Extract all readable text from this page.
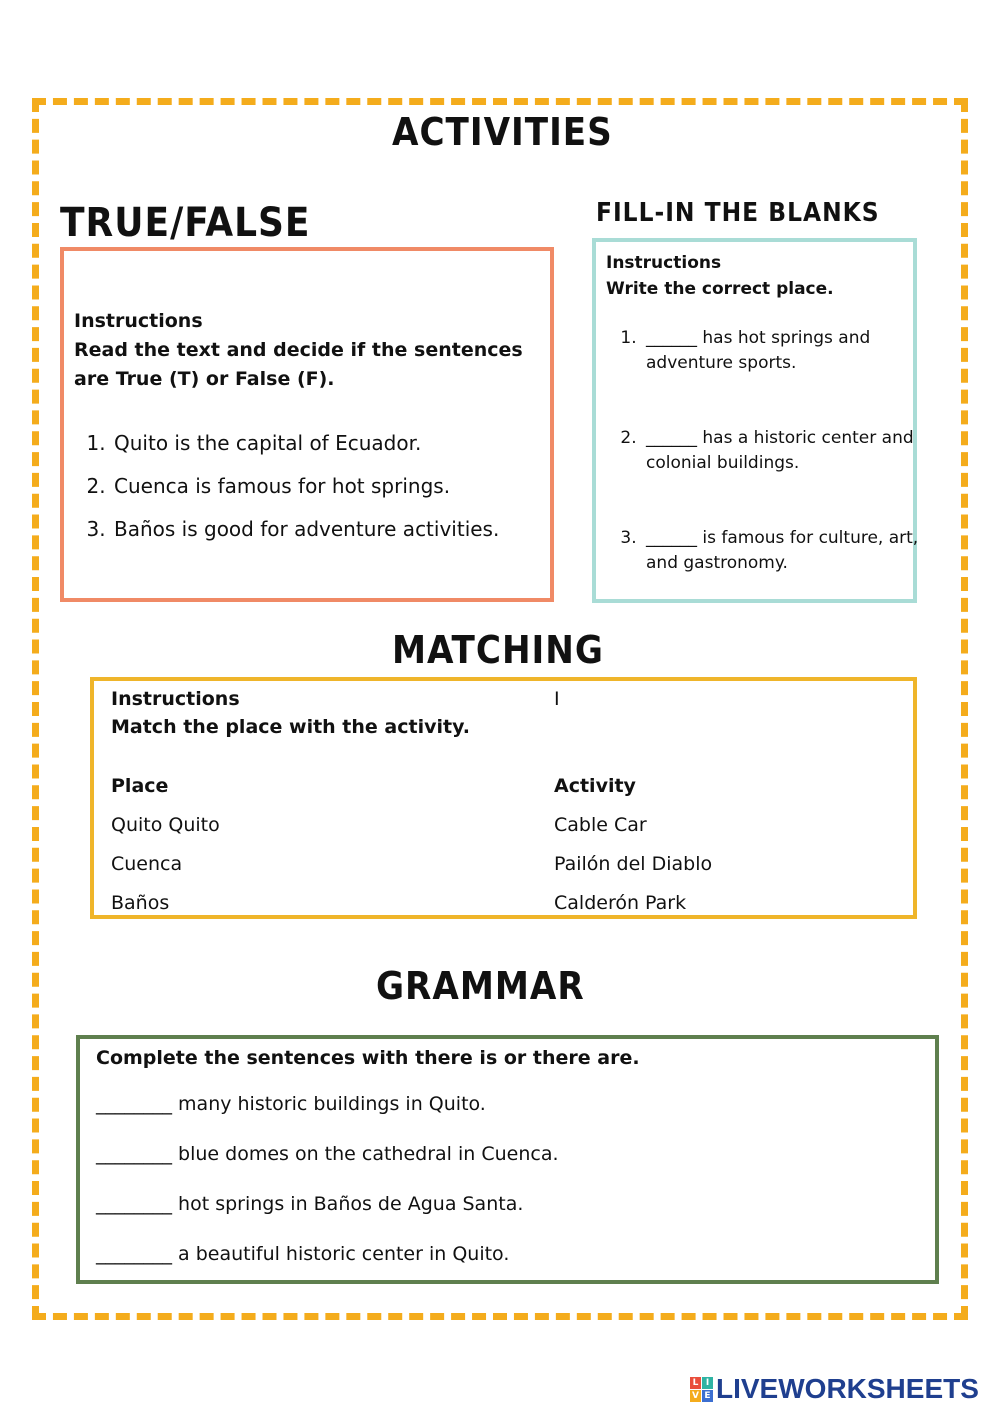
ACTIVITIES
TRUE/FALSE
Instructions
Read the text and decide if the sentences are True (T) or False (F).
1. Quito is the capital of Ecuador.
2. Cuenca is famous for hot springs.
3. Baños is good for adventure activities.
FILL-IN THE BLANKS
Instructions
Write the correct place.
1. ______ has hot springs and adventure sports.
2. ______ has a historic center and colonial buildings.
3. ______ is famous for culture, art, and gastronomy.
MATCHING
Instructions
Match the place with the activity.
I
Place
Quito Quito
Cuenca
Baños
Activity
Cable Car
Pailón del Diablo
Calderón Park
GRAMMAR
Complete the sentences with there is or there are.
________ many historic buildings in Quito.
________ blue domes on the cathedral in Cuenca.
________ hot springs in Baños de Agua Santa.
________ a beautiful historic center in Quito.
L I
V E LIVEWORKSHEETS
